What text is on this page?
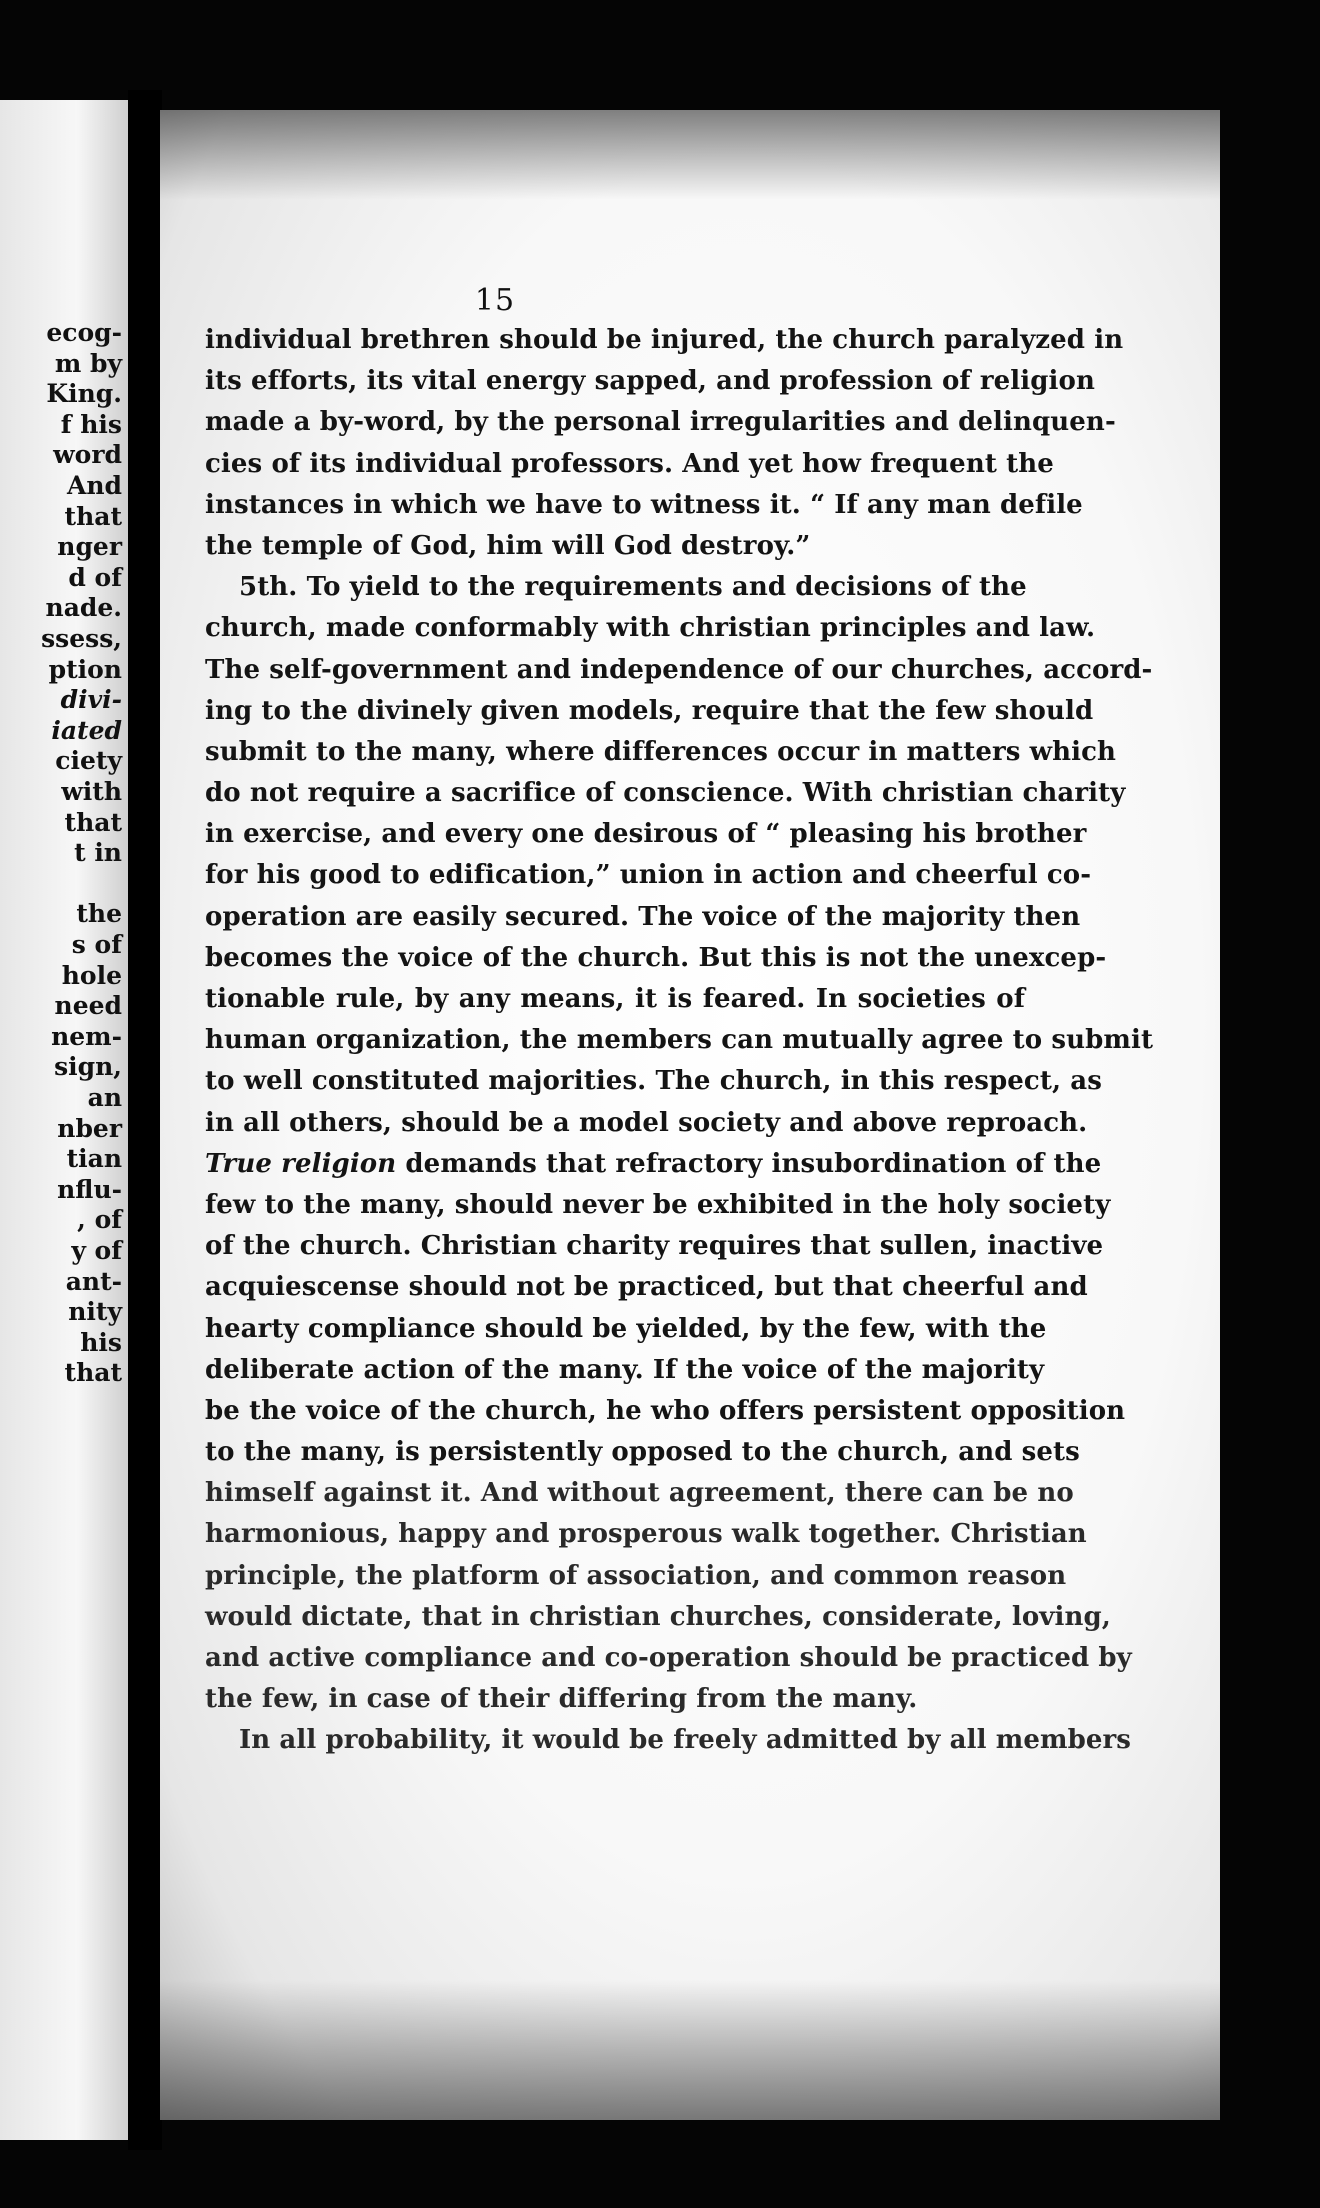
ecog-
m by
King.
f his
word
And
that
nger
d of
nade.
ssess,
ption
divi-
iated
ciety
with
that
t in
the
s of
hole
need
nem-
sign,
an
nber
tian
nflu-
, of
y of
ant-
nity
his
that
15
individual brethren should be injured, the church paralyzed in
its efforts, its vital energy sapped, and profession of religion
made a by-word, by the personal irregularities and delinquen-
cies of its individual professors. And yet how frequent the
instances in which we have to witness it. “ If any man defile
the temple of God, him will God destroy.”
5th. To yield to the requirements and decisions of the
church, made conformably with christian principles and law.
The self-government and independence of our churches, accord-
ing to the divinely given models, require that the few should
submit to the many, where differences occur in matters which
do not require a sacrifice of conscience. With christian charity
in exercise, and every one desirous of “ pleasing his brother
for his good to edification,” union in action and cheerful co-
operation are easily secured. The voice of the majority then
becomes the voice of the church. But this is not the unexcep-
tionable rule, by any means, it is feared. In societies of
human organization, the members can mutually agree to submit
to well constituted majorities. The church, in this respect, as
in all others, should be a model society and above reproach.
True religion demands that refractory insubordination of the
few to the many, should never be exhibited in the holy society
of the church. Christian charity requires that sullen, inactive
acquiescense should not be practiced, but that cheerful and
hearty compliance should be yielded, by the few, with the
deliberate action of the many. If the voice of the majority
be the voice of the church, he who offers persistent opposition
to the many, is persistently opposed to the church, and sets
himself against it. And without agreement, there can be no
harmonious, happy and prosperous walk together. Christian
principle, the platform of association, and common reason
would dictate, that in christian churches, considerate, loving,
and active compliance and co-operation should be practiced by
the few, in case of their differing from the many.
In all probability, it would be freely admitted by all members
